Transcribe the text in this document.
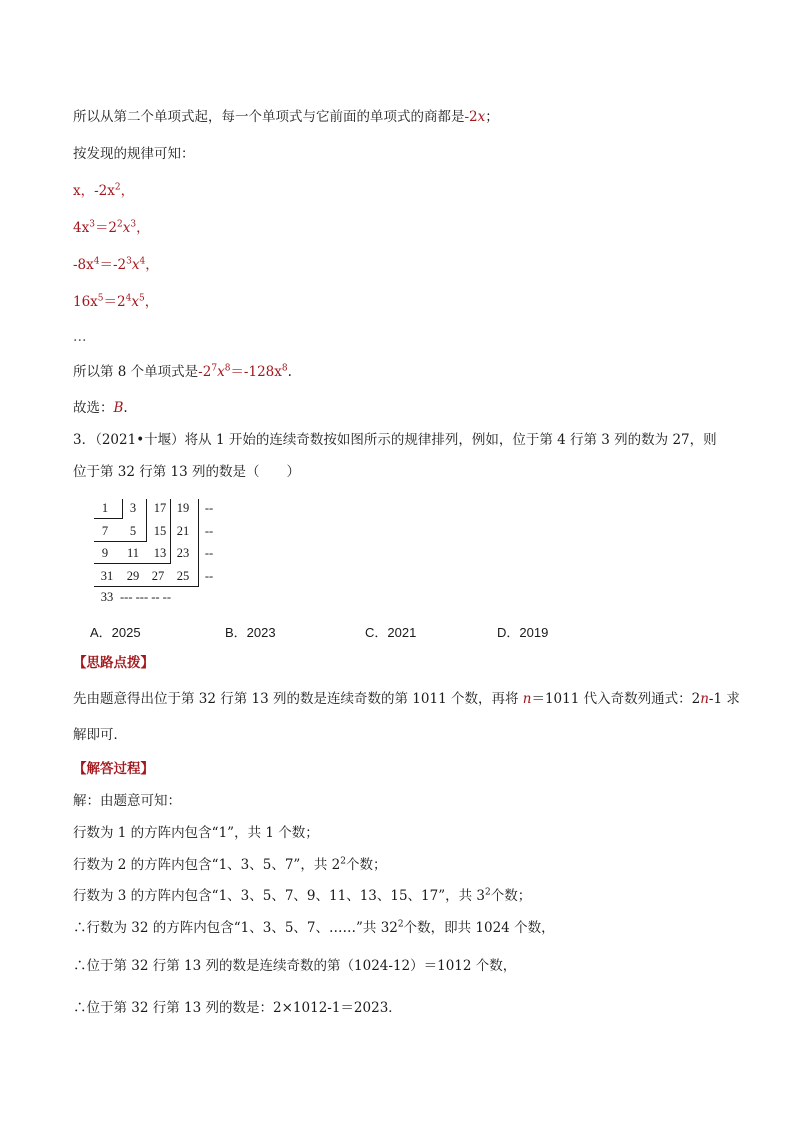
所以从第二个单项式起，每一个单项式与它前面的单项式的商都是-2x；
按发现的规律可知：
x，$-2x^2$，
$4x^3=2^2x^3$，
$-8x^4=-2^3x^4$，
$16x^5=2^4x^5$，
…
所以第 8 个单项式是$-2^7x^8=-128x^8$.
故选：B.
3．（2021•十堰）将从 1 开始的连续奇数按如图所示的规律排列，例如，位于第 4 行第 3 列的数为 27，则
位于第 32 行第 13 列的数是（　　）
1	3	17 19	--
7	5	15 21	--
9	11	13 23	--
31	29	27	25	--
33 --- --- -- --
A．2025	B．2023	C．2021	D．2019
【思路点拨】
先由题意得出位于第 32 行第 13 列的数是连续奇数的第 1011 个数，再将 n＝1011 代入奇数列通式：2n-1 求
解即可．
【解答过程】
解：由题意可知：
行数为 1 的方阵内包含“1”，共 1 个数；
行数为 2 的方阵内包含“1、3、5、7”，共 $2^2$个数；
行数为 3 的方阵内包含“1、3、5、7、9、11、13、15、17”，共 $3^2$个数；
∴行数为 32 的方阵内包含“1、3、5、7、……”共 $32^2$个数，即共 1024 个数，
∴位于第 32 行第 13 列的数是连续奇数的第（1024-12）＝1012 个数，
∴位于第 32 行第 13 列的数是：2×1012-1＝2023．
